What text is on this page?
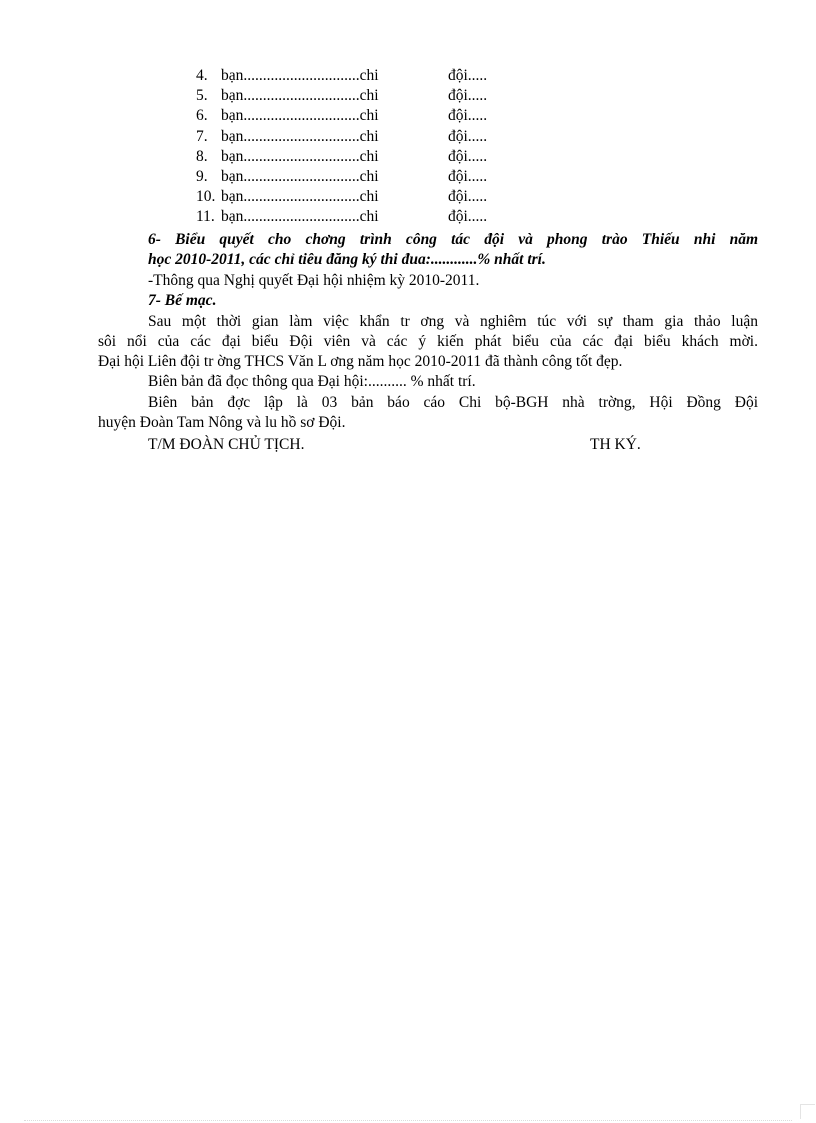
4. bạn..............................chi	đội.....
5. bạn..............................chi	đội.....
6. bạn..............................chi	đội.....
7. bạn..............................chi	đội.....
8. bạn..............................chi	đội.....
9. bạn..............................chi	đội.....
10. bạn..............................chi	đội.....
11. bạn..............................chi	đội.....
6- Biểu quyết cho chơng trình công tác đội và phong trào Thiếu nhi năm
học 2010-2011, các chỉ tiêu đăng ký thi đua:............% nhất trí.
-Thông qua Nghị quyết Đại hội nhiệm kỳ 2010-2011.
7- Bế mạc.
Sau một thời gian làm việc khẩn tr ơng và nghiêm túc với sự tham gia thảo luận
sôi nổi của các đại biểu Đội viên và các ý kiến phát biểu của các đại biểu khách mời.
Đại hội Liên đội tr ờng THCS Văn L ơng năm học 2010-2011 đã thành công tốt đẹp.
Biên bản đã đọc thông qua Đại hội:.......... % nhất trí.
Biên bản đợc lập là 03 bản báo cáo Chi bộ-BGH nhà trờng, Hội Đồng Đội
huyện Đoàn Tam Nông và lu hồ sơ Đội.
T/M ĐOÀN CHỦ TỊCH.	TH KÝ.
